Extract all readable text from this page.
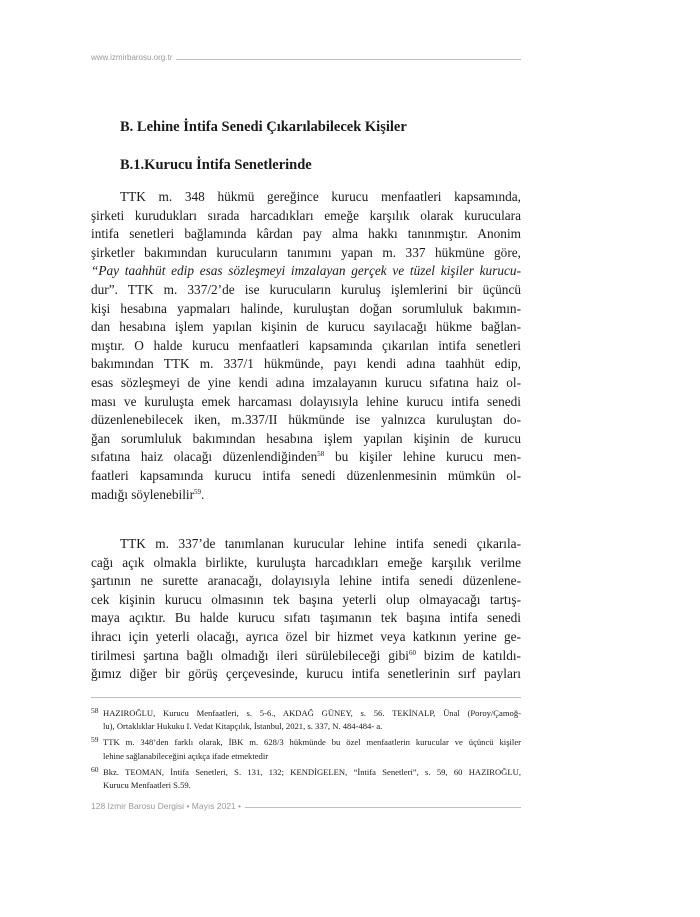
www.izmirbarosu.org.tr
B. Lehine İntifa Senedi Çıkarılabilecek Kişiler
B.1.Kurucu İntifa Senetlerinde
TTK m. 348 hükmü gereğince kurucu menfaatleri kapsamında,
şirketi kurudukları sırada harcadıkları emeğe karşılık olarak kuruculara
intifa senetleri bağlamında kârdan pay alma hakkı tanınmıştır. Anonim
şirketler bakımından kurucuların tanımını yapan m. 337 hükmüne göre,
“Pay taahhüt edip esas sözleşmeyi imzalayan gerçek ve tüzel kişiler kurucu-
dur”. TTK m. 337/2’de ise kurucuların kuruluş işlemlerini bir üçüncü
kişi hesabına yapmaları halinde, kuruluştan doğan sorumluluk bakımın-
dan hesabına işlem yapılan kişinin de kurucu sayılacağı hükme bağlan-
mıştır. O halde kurucu menfaatleri kapsamında çıkarılan intifa senetleri
bakımından TTK m. 337/1 hükmünde, payı kendi adına taahhüt edip,
esas sözleşmeyi de yine kendi adına imzalayanın kurucu sıfatına haiz ol-
ması ve kuruluşta emek harcaması dolayısıyla lehine kurucu intifa senedi
düzenlenebilecek iken, m.337/II hükmünde ise yalnızca kuruluştan do-
ğan sorumluluk bakımından hesabına işlem yapılan kişinin de kurucu
sıfatına haiz olacağı düzenlendiğinden$^{58}$ bu kişiler lehine kurucu men-
faatleri kapsamında kurucu intifa senedi düzenlenmesinin mümkün ol-
madığı söylenebilir$^{59}$.
TTK m. 337’de tanımlanan kurucular lehine intifa senedi çıkarıla-
cağı açık olmakla birlikte, kuruluşta harcadıkları emeğe karşılık verilme
şartının ne surette aranacağı, dolayısıyla lehine intifa senedi düzenlene-
cek kişinin kurucu olmasının tek başına yeterli olup olmayacağı tartış-
maya açıktır. Bu halde kurucu sıfatı taşımanın tek başına intifa senedi
ihracı için yeterli olacağı, ayrıca özel bir hizmet veya katkının yerine ge-
tirilmesi şartına bağlı olmadığı ileri sürülebileceği gibi$^{60}$ bizim de katıldı-
ğımız diğer bir görüş çerçevesinde, kurucu intifa senetlerinin sırf payları
58 HAZIROĞLU, Kurucu Menfaatleri, s. 5-6., AKDAĞ GÜNEY, s. 56. TEKİNALP, Ünal (Poroy/Çamoğ-
lu), Ortaklıklar Hukuku I. Vedat Kitapçılık, İstanbul, 2021, s. 337, N. 484-484- a.
59 TTK m. 348’den farklı olarak, İBK m. 628/3 hükmünde bu özel menfaatlerin kurucular ve üçüncü kişiler
lehine sağlanabileceğini açıkça ifade etmektedir
60 Bkz. TEOMAN, İntifa Senetleri, S. 131, 132; KENDİGELEN, “İntifa Senetleri”, s. 59, 60 HAZIROĞLU,
Kurucu Menfaatleri S.59.
128 İzmir Barosu Dergisi • Mayıs 2021 •
